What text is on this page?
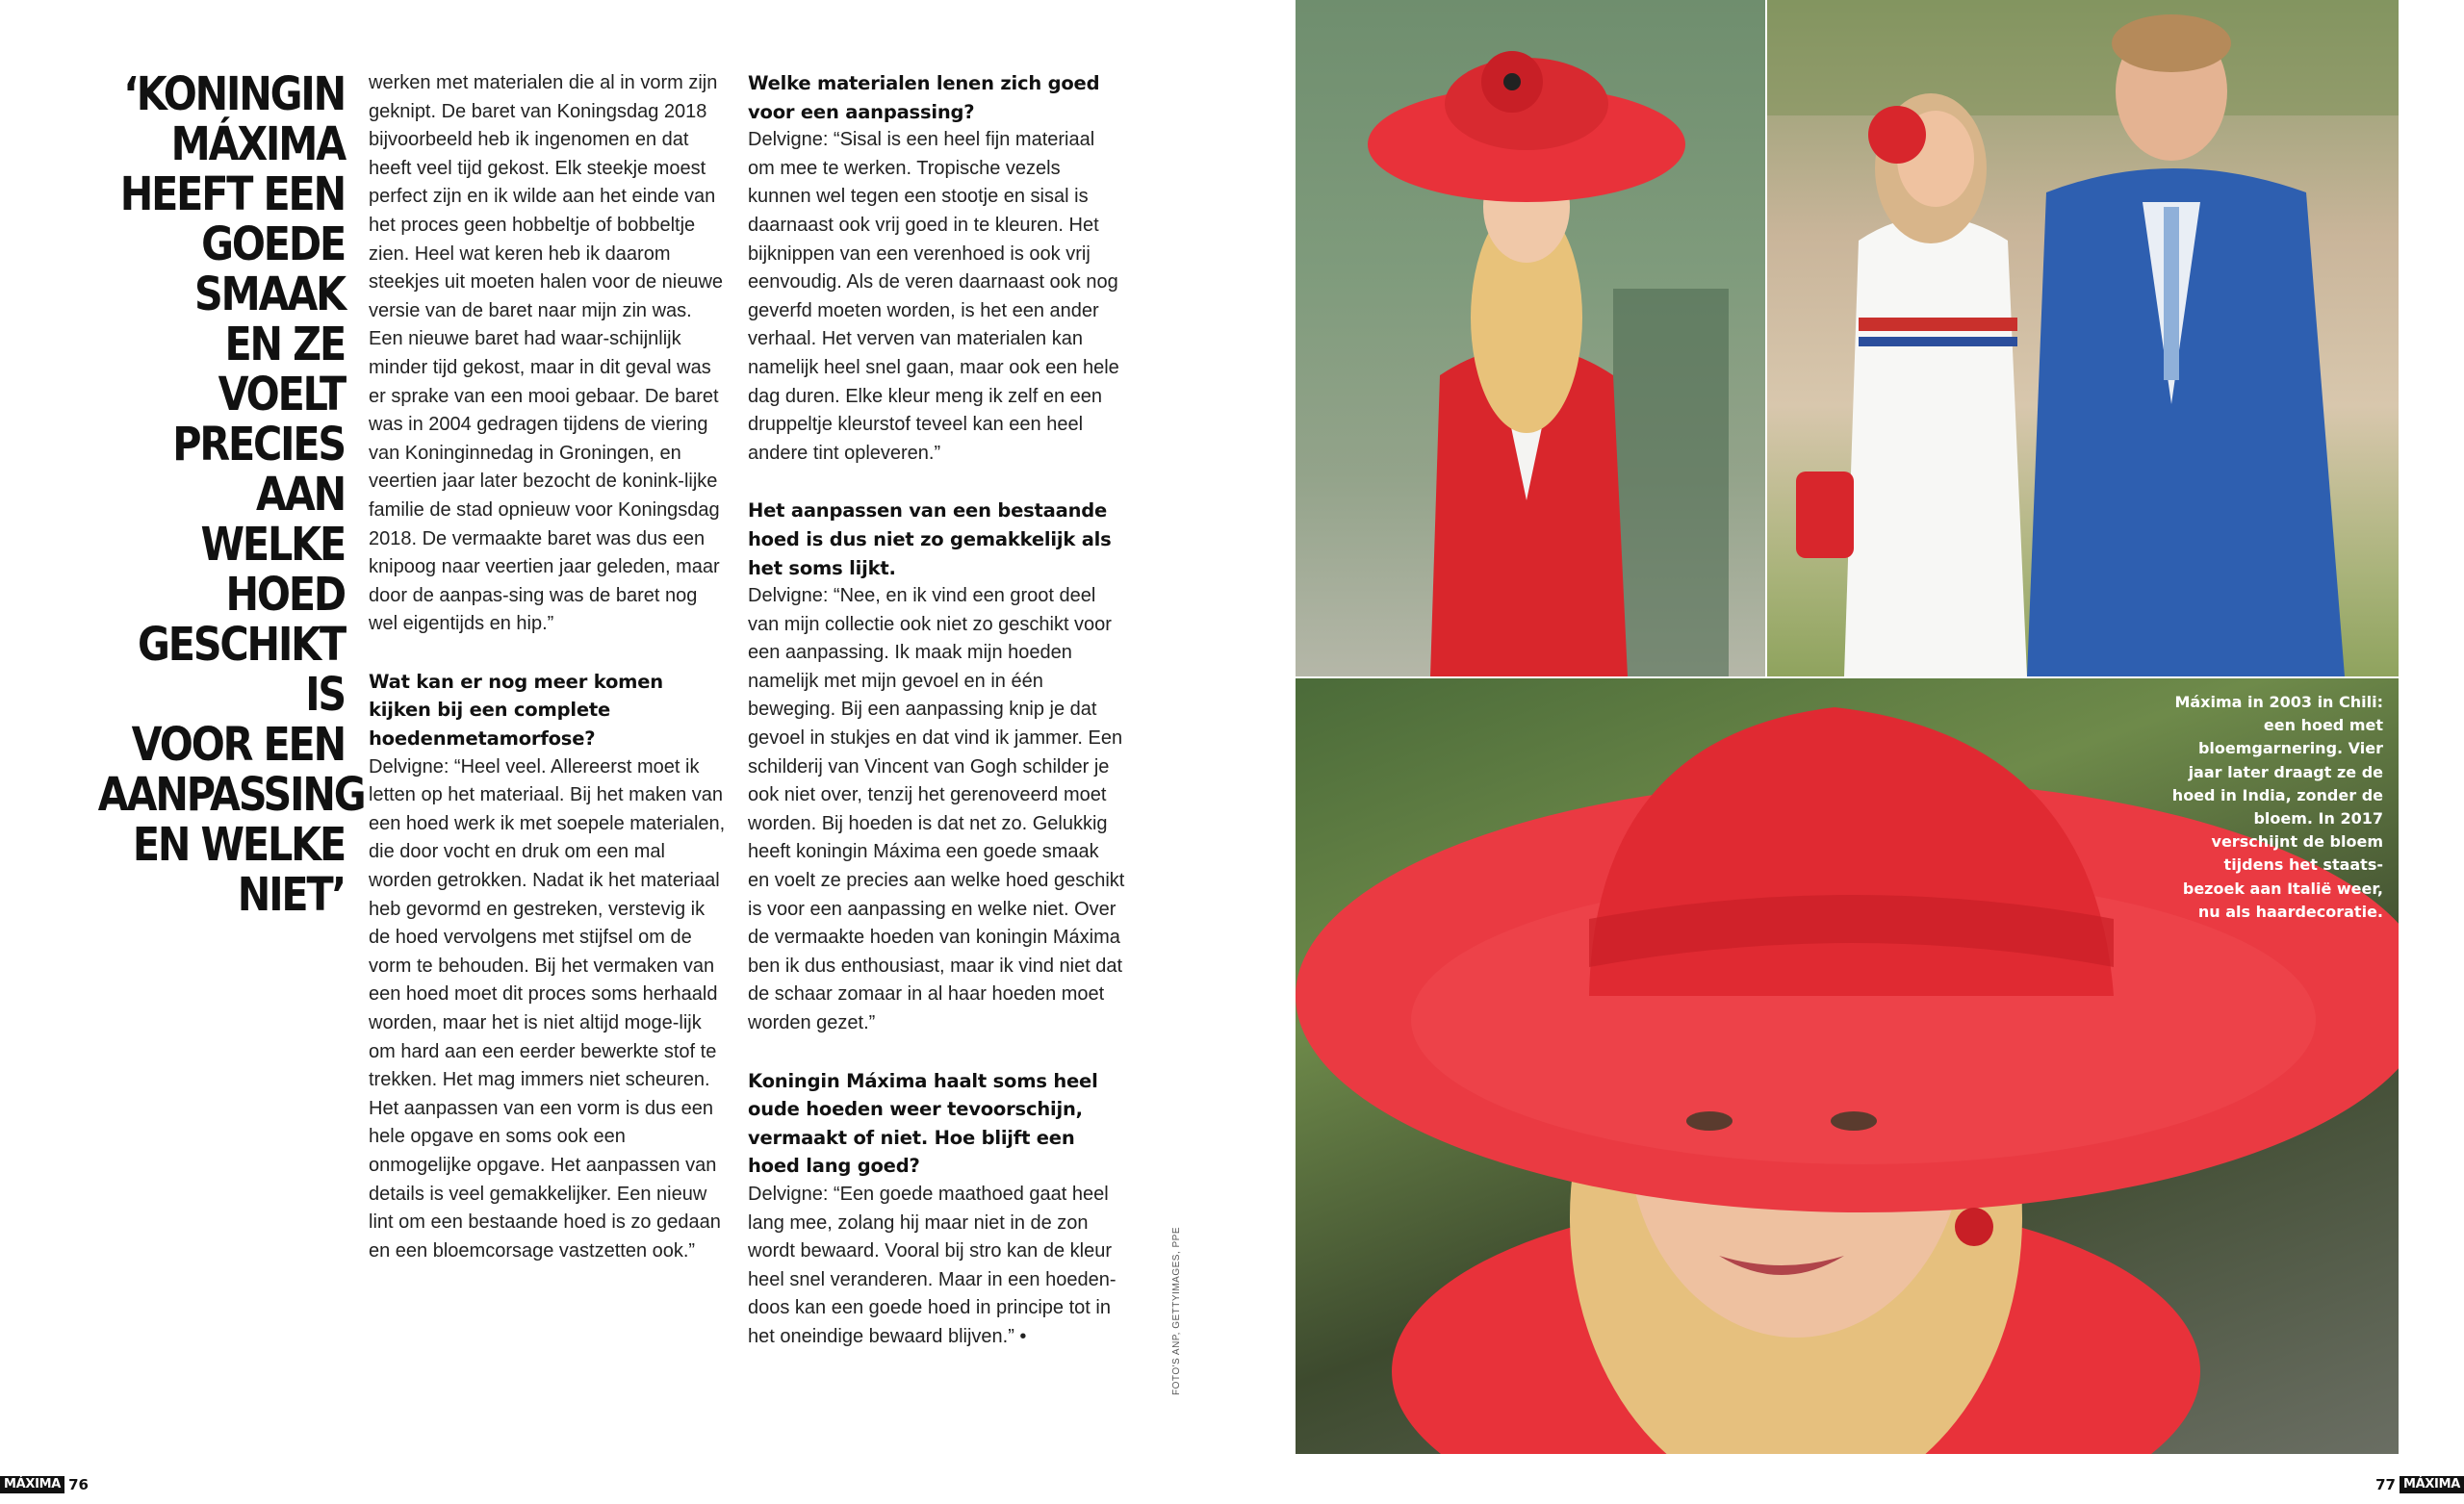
‘KONINGIN
MÁXIMA
HEEFT EEN
GOEDE SMAAK
EN ZE VOELT
PRECIES AAN
WELKE HOED
GESCHIKT IS
VOOR EEN
AANPASSING
EN WELKE
NIET’

werken met materialen die al in vorm zijn geknipt. De baret van Koningsdag 2018 bijvoorbeeld heb ik ingenomen en dat heeft veel tijd gekost. Elk steekje moest perfect zijn en ik wilde aan het einde van het proces geen hobbeltje of bobbeltje zien. Heel wat keren heb ik daarom steekjes uit moeten halen voor de nieuwe versie van de baret naar mijn zin was. Een nieuwe baret had waar-schijnlijk minder tijd gekost, maar in dit geval was er sprake van een mooi gebaar. De baret was in 2004 gedragen tijdens de viering van Koninginnedag in Groningen, en veertien jaar later bezocht de konink-lijke familie de stad opnieuw voor Koningsdag 2018. De vermaakte baret was dus een knipoog naar veertien jaar geleden, maar door de aanpas-sing was de baret nog wel eigentijds en hip.”

Wat kan er nog meer komen kijken bij een complete hoedenmetamorfose?
Delvigne: “Heel veel. Allereerst moet ik letten op het materiaal. Bij het maken van een hoed werk ik met soepele materialen, die door vocht en druk om een mal worden getrokken. Nadat ik het materiaal heb gevormd en gestreken, verstevig ik de hoed vervolgens met stijfsel om de vorm te behouden. Bij het vermaken van een hoed moet dit proces soms herhaald worden, maar het is niet altijd moge-lijk om hard aan een eerder bewerkte stof te trekken. Het mag immers niet scheuren. Het aanpassen van een vorm is dus een hele opgave en soms ook een onmogelijke opgave. Het aanpassen van details is veel gemakkelijker. Een nieuw lint om een bestaande hoed is zo gedaan en een bloemcorsage vastzetten ook.”

Welke materialen lenen zich goed voor een aanpassing?
Delvigne: “Sisal is een heel fijn materiaal om mee te werken. Tropische vezels kunnen wel tegen een stootje en sisal is daarnaast ook vrij goed in te kleuren. Het bijknippen van een verenhoed is ook vrij eenvoudig. Als de veren daarnaast ook nog geverfd moeten worden, is het een ander verhaal. Het verven van materialen kan namelijk heel snel gaan, maar ook een hele dag duren. Elke kleur meng ik zelf en een druppeltje kleurstof teveel kan een heel andere tint opleveren.”

Het aanpassen van een bestaande hoed is dus niet zo gemakkelijk als het soms lijkt.
Delvigne: “Nee, en ik vind een groot deel van mijn collectie ook niet zo geschikt voor een aanpassing. Ik maak mijn hoeden namelijk met mijn gevoel en in één beweging. Bij een aanpassing knip je dat gevoel in stukjes en dat vind ik jammer. Een schilderij van Vincent van Gogh schilder je ook niet over, tenzij het gerenoveerd moet worden. Bij hoeden is dat net zo. Gelukkig heeft koningin Máxima een goede smaak en voelt ze precies aan welke hoed geschikt is voor een aanpassing en welke niet. Over de vermaakte hoeden van koningin Máxima ben ik dus enthousiast, maar ik vind niet dat de schaar zomaar in al haar hoeden moet worden gezet.”

Koningin Máxima haalt soms heel oude hoeden weer tevoorschijn, vermaakt of niet. Hoe blijft een hoed lang goed?
Delvigne: “Een goede maathoed gaat heel lang mee, zolang hij maar niet in de zon wordt bewaard. Vooral bij stro kan de kleur heel snel veranderen. Maar in een hoeden-doos kan een goede hoed in principe tot in het oneindige bewaard blijven.” •	FOTO'S ANP, GETTYIMAGES, PPE
Máxima in 2003 in Chili: een hoed met bloemgarnering. Vier jaar later draagt ze de hoed in India, zonder de bloem. In 2017 verschijnt de bloem tijdens het staats-bezoek aan Italië weer, nu als haardecoratie.
MÁXIMA 76	77 MÁXIMA
